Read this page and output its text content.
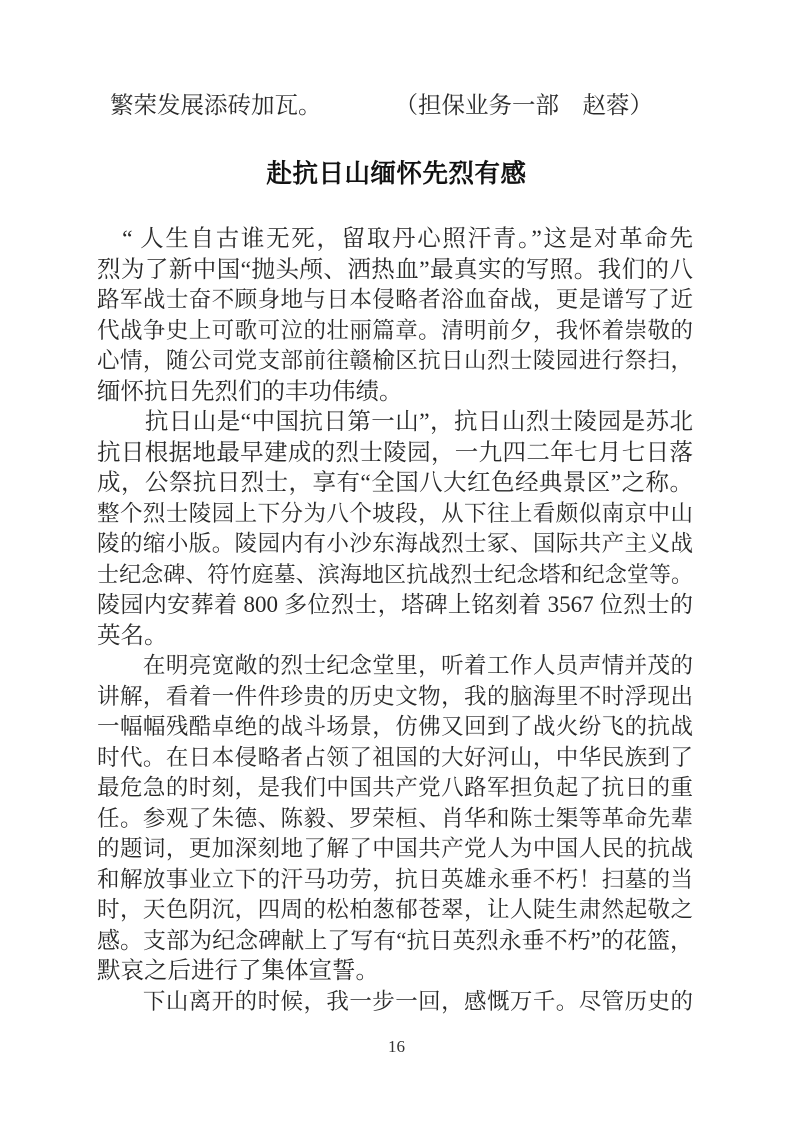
繁荣发展添砖加瓦。	（担保业务一部　赵蓉）
赴抗日山缅怀先烈有感
　“ 人生自古谁无死，留取丹心照汗青。”这是对革命先
烈为了新中国“抛头颅、洒热血”最真实的写照。我们的八
路军战士奋不顾身地与日本侵略者浴血奋战，更是谱写了近
代战争史上可歌可泣的壮丽篇章。清明前夕，我怀着崇敬的
心情，随公司党支部前往赣榆区抗日山烈士陵园进行祭扫，
缅怀抗日先烈们的丰功伟绩。
　　抗日山是“中国抗日第一山”，抗日山烈士陵园是苏北
抗日根据地最早建成的烈士陵园，一九四二年七月七日落
成，公祭抗日烈士，享有“全国八大红色经典景区”之称。
整个烈士陵园上下分为八个坡段，从下往上看颇似南京中山
陵的缩小版。陵园内有小沙东海战烈士冢、国际共产主义战
士纪念碑、符竹庭墓、滨海地区抗战烈士纪念塔和纪念堂等。
陵园内安葬着 800 多位烈士，塔碑上铭刻着 3567 位烈士的
英名。
　　在明亮宽敞的烈士纪念堂里，听着工作人员声情并茂的
讲解，看着一件件珍贵的历史文物，我的脑海里不时浮现出
一幅幅残酷卓绝的战斗场景，仿佛又回到了战火纷飞的抗战
时代。在日本侵略者占领了祖国的大好河山，中华民族到了
最危急的时刻，是我们中国共产党八路军担负起了抗日的重
任。参观了朱德、陈毅、罗荣桓、肖华和陈士榘等革命先辈
的题词，更加深刻地了解了中国共产党人为中国人民的抗战
和解放事业立下的汗马功劳，抗日英雄永垂不朽！扫墓的当
时，天色阴沉，四周的松柏葱郁苍翠，让人陡生肃然起敬之
感。支部为纪念碑献上了写有“抗日英烈永垂不朽”的花篮，
默哀之后进行了集体宣誓。
　　下山离开的时候，我一步一回，感慨万千。尽管历史的
16
